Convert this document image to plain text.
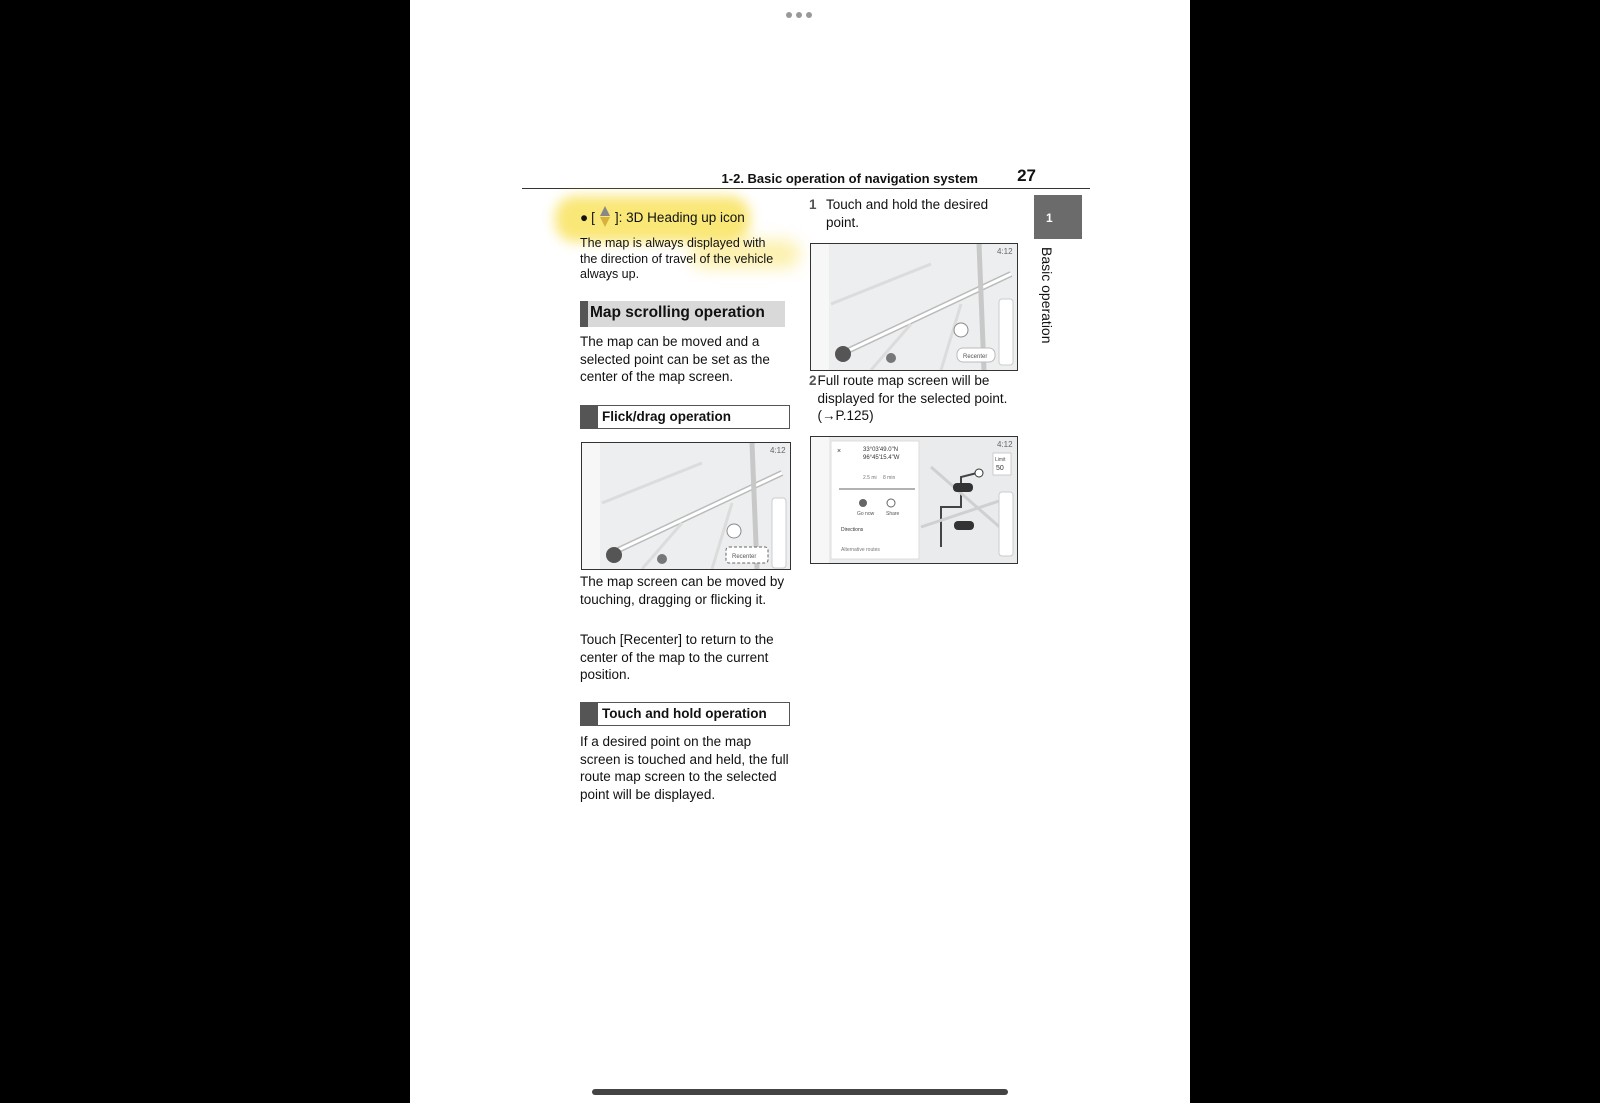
1-2. Basic operation of navigation system 27
1
Basic operation
● [ ]: 3D Heading up icon
The map is always displayed with the direction of travel of the vehicle always up.
Map scrolling operation
The map can be moved and a selected point can be set as the center of the map screen.
Flick/drag operation
Recenter
4:12
The map screen can be moved by touching, dragging or flicking it.
Touch [Recenter] to return to the center of the map to the current position.
Touch and hold operation
If a desired point on the map screen is touched and held, the full route map screen to the selected point will be displayed.
1 Touch and hold the desired point.
Recenter
4:12
2 Full route map screen will be displayed for the selected point. (→P.125)
×	33°03'49.0"N
96°45'15.4"W
2.5 mi 8 min
Go now Share
Directions
Alternative routes
Limit
50
4:12
